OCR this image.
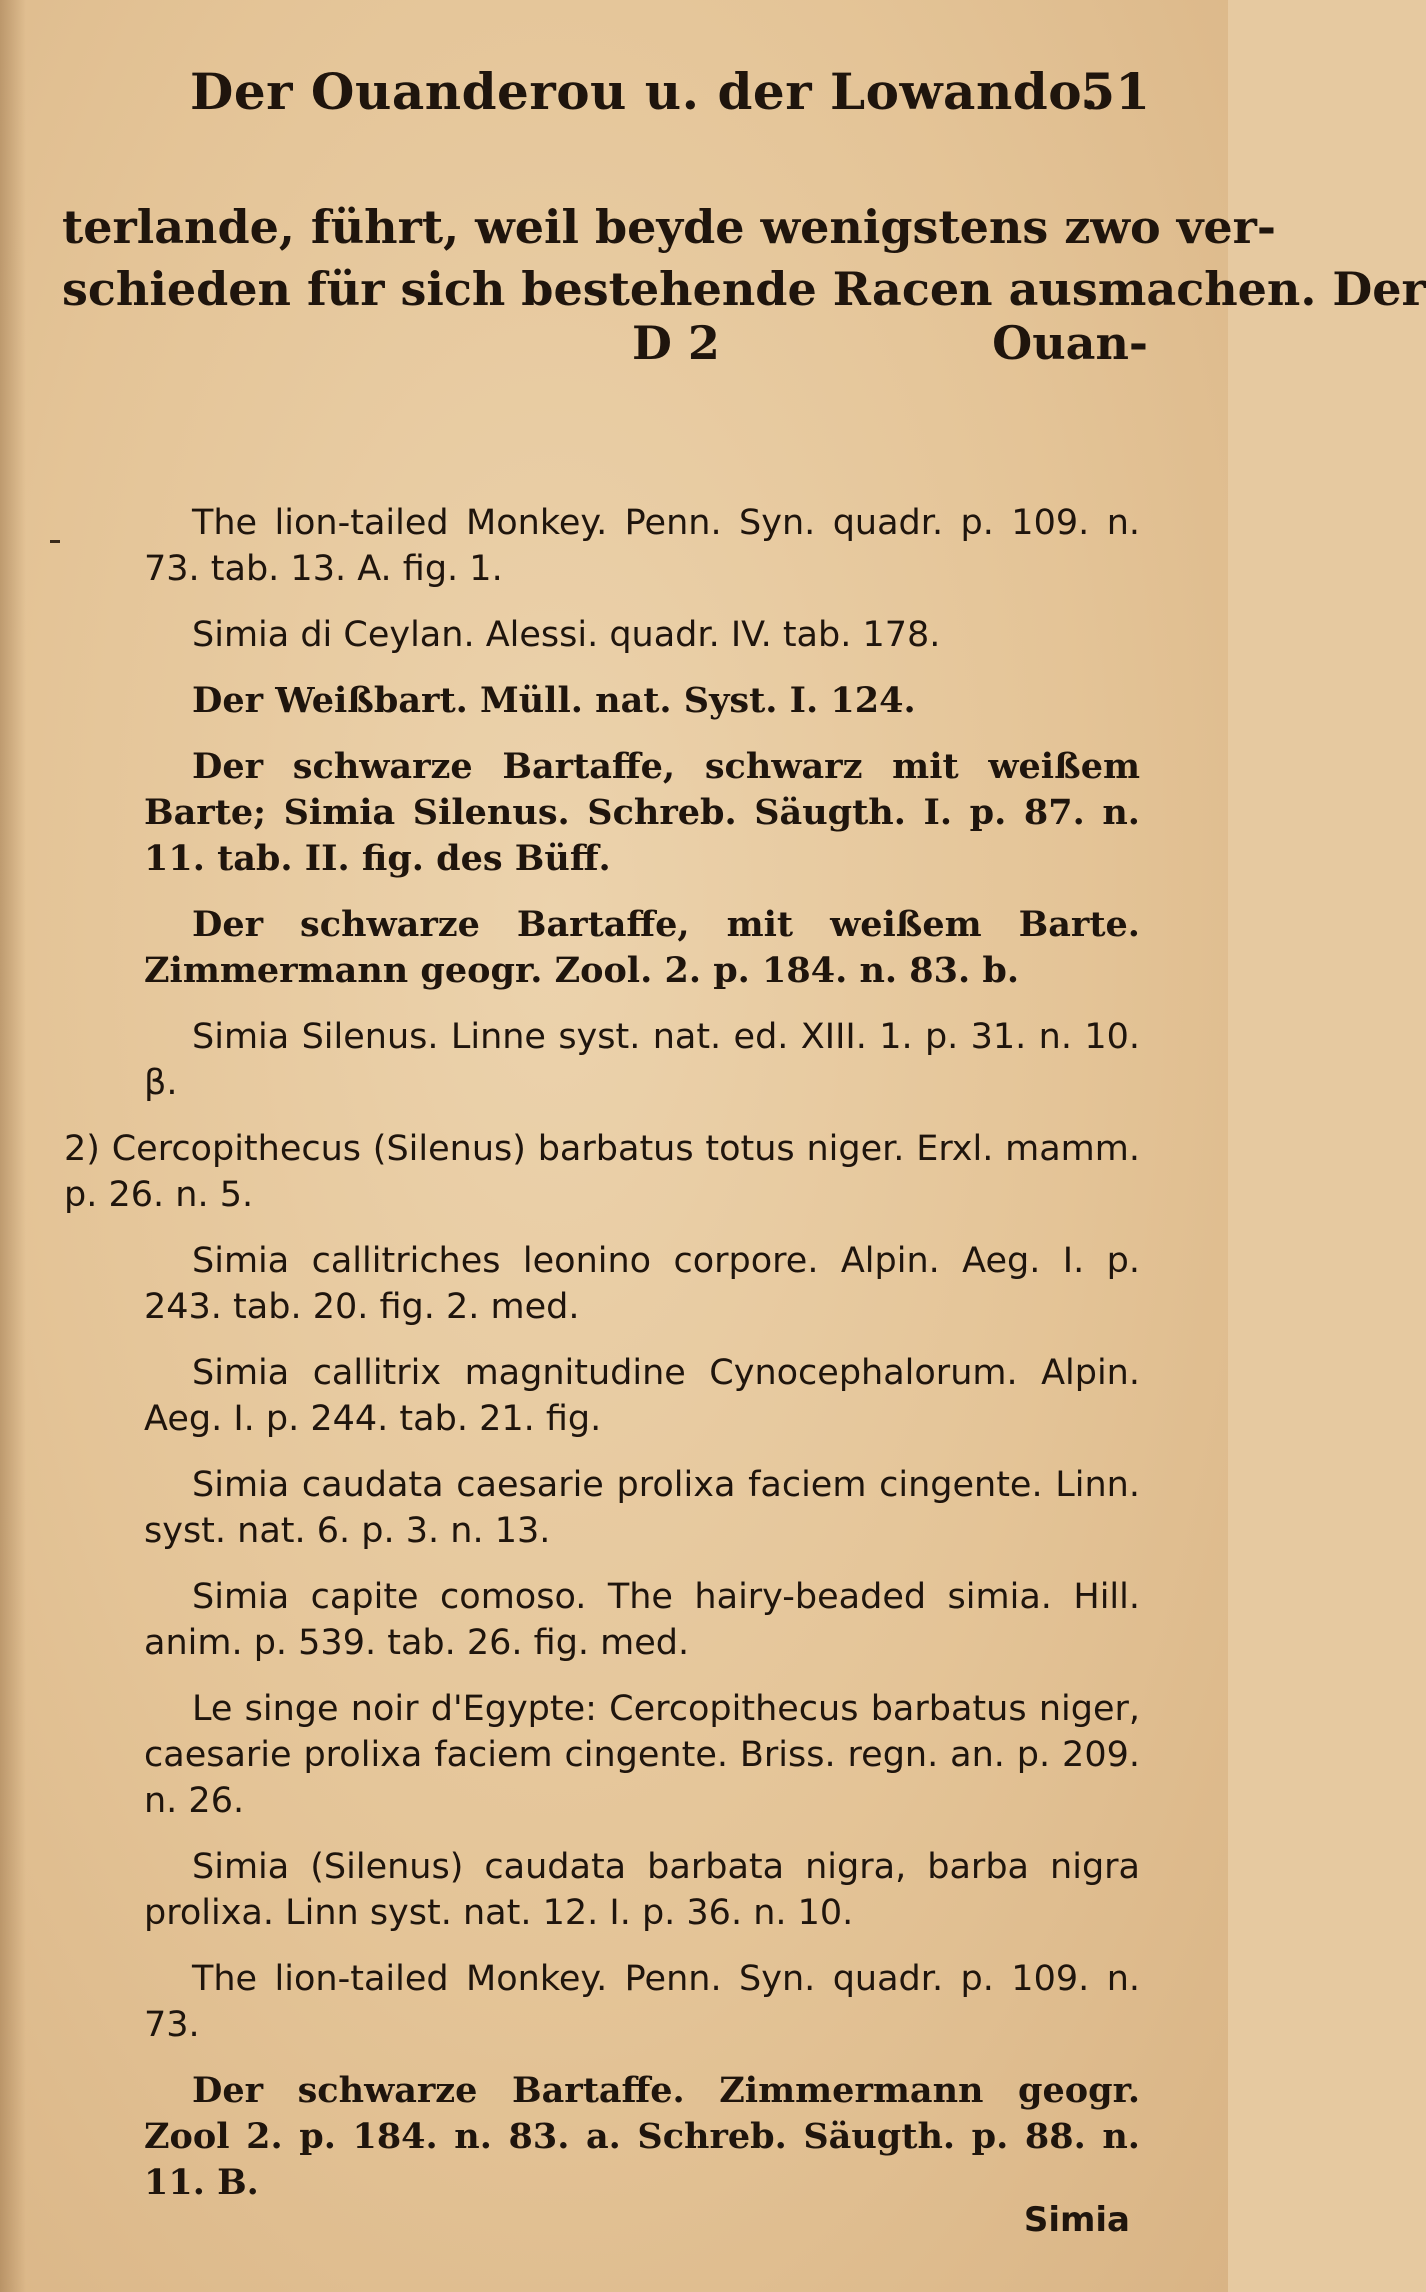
Der Ouanderou u. der Lowando.
51
terlande, führt, weil beyde wenigstens zwo ver-
schieden für sich bestehende Racen ausmachen. Der
D 2	Ouan-
The lion-tailed Monkey. Penn. Syn. quadr. p. 109. n. 73. tab. 13. A. fig. 1.
Simia di Ceylan. Alessi. quadr. IV. tab. 178.
Der Weißbart. Müll. nat. Syst. I. 124.
Der schwarze Bartaffe, schwarz mit weißem Barte; Simia Silenus. Schreb. Säugth. I. p. 87. n. 11. tab. II. fig. des Büff.
Der schwarze Bartaffe, mit weißem Barte. Zimmermann geogr. Zool. 2. p. 184. n. 83. b.
Simia Silenus. Linne syst. nat. ed. XIII. 1. p. 31. n. 10. β.
2) Cercopithecus (Silenus) barbatus totus niger. Erxl. mamm. p. 26. n. 5.
Simia callitriches leonino corpore. Alpin. Aeg. I. p. 243. tab. 20. fig. 2. med.
Simia callitrix magnitudine Cynocephalorum. Alpin. Aeg. I. p. 244. tab. 21. fig.
Simia caudata caesarie prolixa faciem cingente. Linn. syst. nat. 6. p. 3. n. 13.
Simia capite comoso. The hairy-beaded simia. Hill. anim. p. 539. tab. 26. fig. med.
Le singe noir d'Egypte: Cercopithecus barbatus niger, caesarie prolixa faciem cingente. Briss. regn. an. p. 209. n. 26.
Simia (Silenus) caudata barbata nigra, barba nigra prolixa. Linn syst. nat. 12. I. p. 36. n. 10.
The lion-tailed Monkey. Penn. Syn. quadr. p. 109. n. 73.
Der schwarze Bartaffe. Zimmermann geogr. Zool 2. p. 184. n. 83. a. Schreb. Säugth. p. 88. n. 11. B.
Simia
